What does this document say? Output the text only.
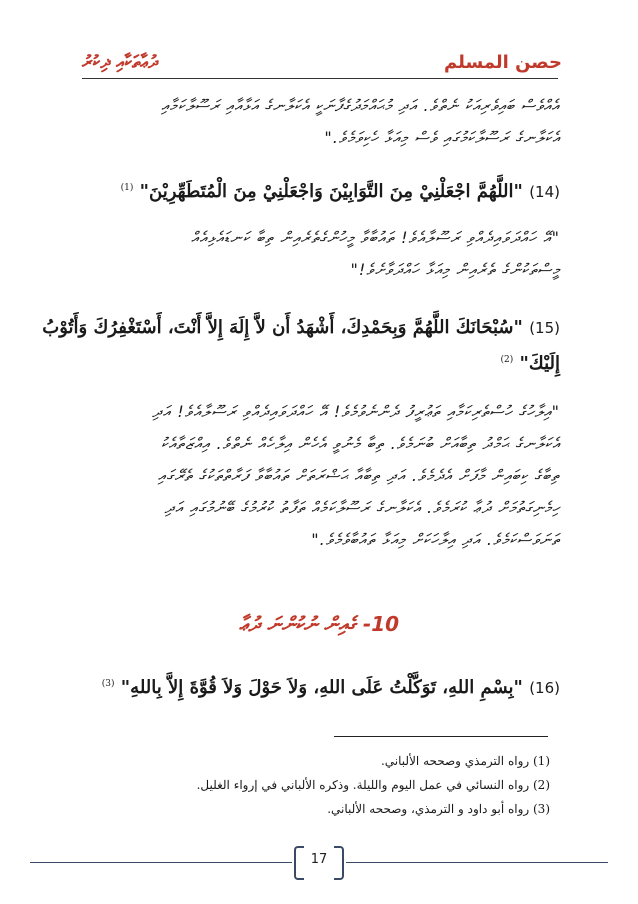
ދުޢާތަކާއި ޛިކުރު	حصن المسلم
އެއްވެސް ބައިވެރިއަކު ނެތްވެ. އަދި މުޙައްމަދުގެފާނަކީ އެކަލާނގެ އަޅާއާއި ރަސޫލާކަމާއި
އެކަލާނގެ ރަސޫލާކަމުގައި ވެސް މިއަޅާ ހެކިވަމެވެ."
(14) "اللَّهُمَّ اجْعَلْنِيْ مِنَ التَّوَابِيْنَ وَاجْعَلْنِيْ مِنَ الْمُتَطَهِّرِيْنَ" $^{(1)}$
"އޭ ހައްދަވައިދެއްވި ރަސޫލާއެވެ! ތައުބާވާ މީހުންގެތެރެއިން ތިބާ ކަނޑައެޅިއެއް
މީސްތަކުންގެ ތެރެއިން މިއަޅާ ހައްދަވާށެވެ!"
(15) "سُبْحَانَكَ اللَّهُمَّ وَبِحَمْدِكَ، أَشْهَدُ أَن لاَّ إِلَهَ إِلاَّ أَنْتَ، أَسْتَغْفِرُكَ وَأَتُوْبُ
إِلَيْكَ" $^{(2)}$
"އިލާހުގެ ހުސްތެރިކަމާއި ތަޢުރީފު ދެންނެވުމެވެ! އޭ ހައްދަވައިދެއްވި ރަސޫލާއެވެ! އަދި
އެކަލާނގެ ޙަމްދު ތިބާއަށް ބުނަމެވެ. ތިބާ މެނުވީ އެހެން އިލާހެއް ނެތްވެ. އިއްޒަތާއެކު
ތިބާގެ ކިބައިން މާފަށް އެދެމެވެ. އަދި ތިބާއާ ޙަޟްރަތަށް ތައުބާވާ ފަރާތްތަކުގެ ތެރޭގައި
ހިމެނިގަތުމަށް ދުޢާ ކުރަމެވެ. އެކަލާނގެ ރަސޫލާކަމެއް ތަފާތު ކުރުމުގެ ބޭނުމުގައި އަދި
ތަނަވަސްކަމެވެ. އަދި އިލާހަކަށް މިއަޅާ ތައުބާވެމެވެ."
10- ގެއިން ނުކުންނަ ދުޢާ
(16) "بِسْمِ اللهِ، تَوَكَّلْتُ عَلَى اللهِ، وَلاَ حَوْلَ وَلاَ قُوَّةَ إِلاَّ بِاللهِ" $^{(3)}$
(1) رواه الترمذي وصححه الألباني.
(2) رواه النسائي في عمل اليوم والليلة. وذكره الألباني في إرواء الغليل.
(3) رواه أبو داود و الترمذي، وصححه الألباني.
17
